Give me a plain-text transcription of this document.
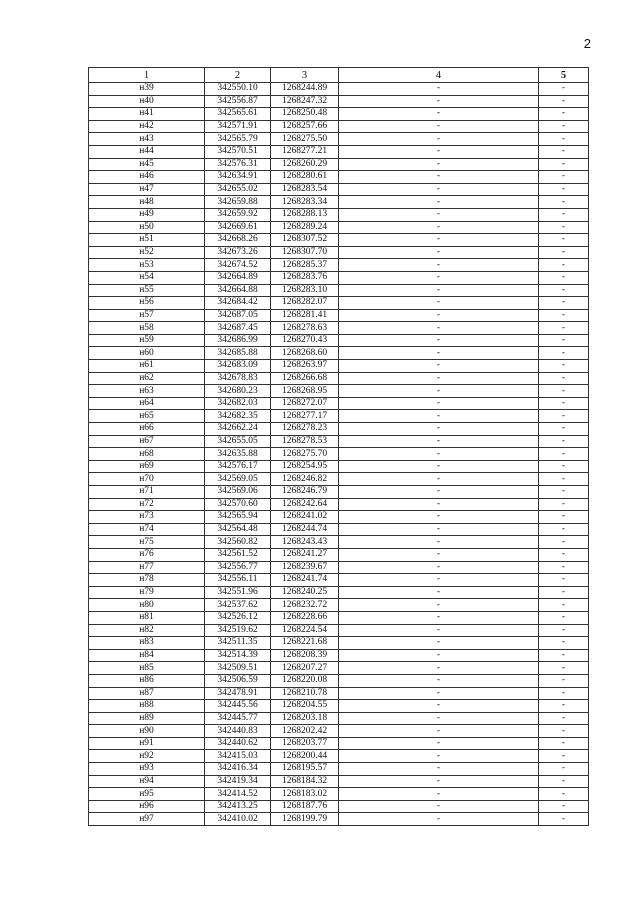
2
1	2	3	4	5
н39	342550.10	1268244.89	-	-
н40	342556.87	1268247.32	-	-
н41	342565.61	1268250.48	-	-
н42	342571.91	1268257.66	-	-
н43	342565.79	1268275.50	-	-
н44	342570.51	1268277.21	-	-
н45	342576.31	1268260.29	-	-
н46	342634.91	1268280.61	-	-
н47	342655.02	1268283.54	-	-
н48	342659.88	1268283.34	-	-
н49	342659.92	1268288.13	-	-
н50	342669.61	1268289.24	-	-
н51	342668.26	1268307.52	-	-
н52	342673.26	1268307.70	-	-
н53	342674.52	1268285.37	-	-
н54	342664.89	1268283.76	-	-
н55	342664.88	1268283.10	-	-
н56	342684.42	1268282.07	-	-
н57	342687.05	1268281.41	-	-
н58	342687.45	1268278.63	-	-
н59	342686.99	1268270.43	-	-
н60	342685.88	1268268.60	-	-
н61	342683.09	1268263.97	-	-
н62	342678.83	1268266.68	-	-
н63	342680.23	1268268.95	-	-
н64	342682.03	1268272.07	-	-
н65	342682.35	1268277.17	-	-
н66	342662.24	1268278.23	-	-
н67	342655.05	1268278.53	-	-
н68	342635.88	1268275.70	-	-
н69	342576.17	1268254.95	-	-
н70	342569.05	1268246.82	-	-
н71	342569.06	1268246.79	-	-
н72	342570.60	1268242.64	-	-
н73	342565.94	1268241.02	-	-
н74	342564.48	1268244.74	-	-
н75	342560.82	1268243.43	-	-
н76	342561.52	1268241.27	-	-
н77	342556.77	1268239.67	-	-
н78	342556.11	1268241.74	-	-
н79	342551.96	1268240.25	-	-
н80	342537.62	1268232.72	-	-
н81	342526.12	1268228.66	-	-
н82	342519.62	1268224.54	-	-
н83	342511.35	1268221.68	-	-
н84	342514.39	1268208.39	-	-
н85	342509.51	1268207.27	-	-
н86	342506.59	1268220.08	-	-
н87	342478.91	1268210.78	-	-
н88	342445.56	1268204.55	-	-
н89	342445.77	1268203.18	-	-
н90	342440.83	1268202.42	-	-
н91	342440.62	1268203.77	-	-
н92	342415.03	1268200.44	-	-
н93	342416.34	1268195.57	-	-
н94	342419.34	1268184.32	-	-
н95	342414.52	1268183.02	-	-
н96	342413.25	1268187.76	-	-
н97	342410.02	1268199.79	-	-
